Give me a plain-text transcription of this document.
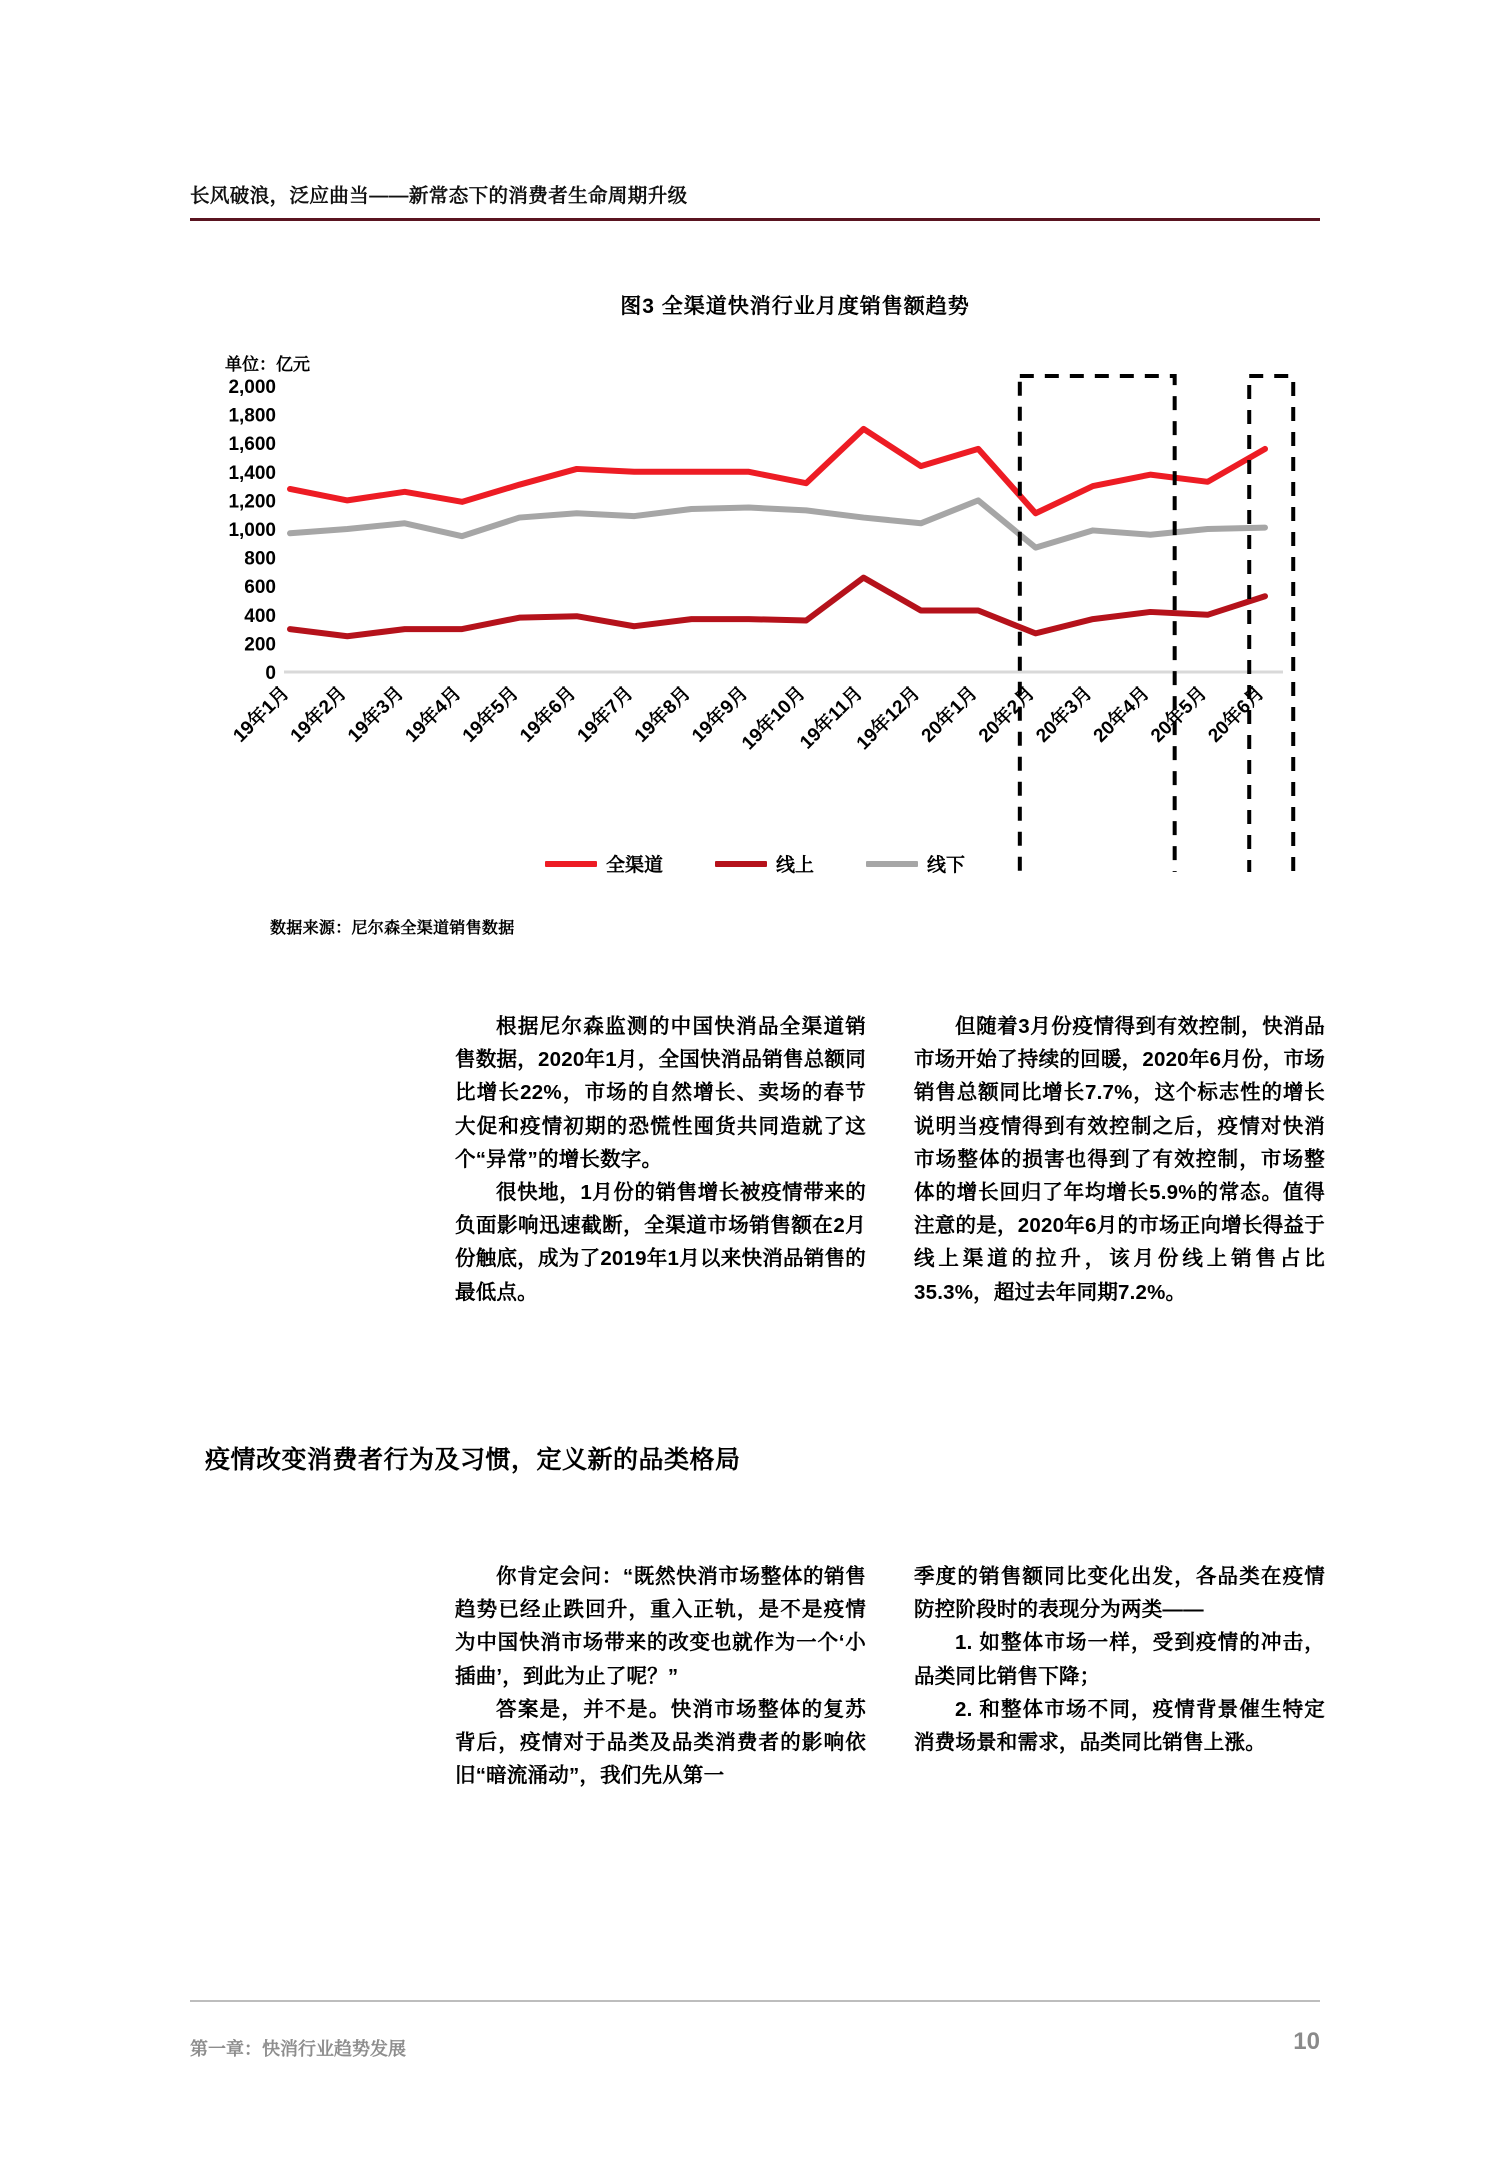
长风破浪，泛应曲当——新常态下的消费者生命周期升级
图3 全渠道快消行业月度销售额趋势
单位：亿元
0
200
400
600
800
1,000
1,200
1,400
1,600
1,800
2,000
19年1月
19年2月
19年3月
19年4月
19年5月
19年6月
19年7月
19年8月
19年9月
19年10月
19年11月
19年12月
20年1月
20年2月
20年3月
20年4月
20年5月
20年6月
全渠道	线上	线下
数据来源：尼尔森全渠道销售数据

根据尼尔森监测的中国快消品全渠道销售数据，2020年1月，全国快消品销售总额同比增长22%，市场的自然增长、卖场的春节大促和疫情初期的恐慌性囤货共同造就了这个“异常”的增长数字。

很快地，1月份的销售增长被疫情带来的负面影响迅速截断，全渠道市场销售额在2月份触底，成为了2019年1月以来快消品销售的最低点。

但随着3月份疫情得到有效控制，快消品市场开始了持续的回暖，2020年6月份，市场销售总额同比增长7.7%，这个标志性的增长说明当疫情得到有效控制之后，疫情对快消市场整体的损害也得到了有效控制，市场整体的增长回归了年均增长5.9%的常态。值得注意的是，2020年6月的市场正向增长得益于线上渠道的拉升，该月份线上销售占比35.3%，超过去年同期7.2%。

疫情改变消费者行为及习惯，定义新的品类格局

你肯定会问：“既然快消市场整体的销售趋势已经止跌回升，重入正轨，是不是疫情为中国快消市场带来的改变也就作为一个‘小插曲’，到此为止了呢？”

答案是，并不是。快消市场整体的复苏背后，疫情对于品类及品类消费者的影响依旧“暗流涌动”，我们先从第一

季度的销售额同比变化出发，各品类在疫情防控阶段时的表现分为两类——

1. 如整体市场一样，受到疫情的冲击，品类同比销售下降；

2. 和整体市场不同，疫情背景催生特定消费场景和需求，品类同比销售上涨。

第一章：快消行业趋势发展	10
